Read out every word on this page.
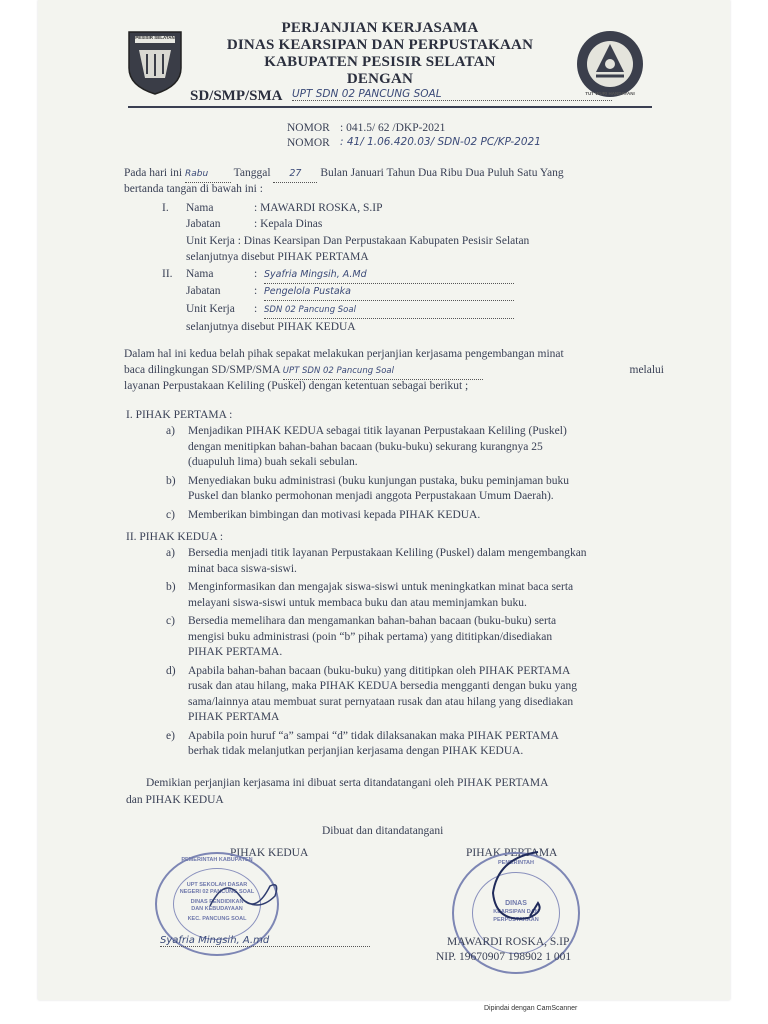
PESISIR SELATAN
TUT WURI HANDAYANI
PERJANJIAN KERJASAMA
DINAS KEARSIPAN DAN PERPUSTAKAAN
KABUPATEN PESISIR SELATAN
DENGAN
SD/SMP/SMA UPT SDN 02 PANCUNG SOAL
NOMOR : 041.5/ 62 /DKP-2021
NOMOR : 41/ 1.06.420.03/ SDN-02 PC/KP-2021
Pada hari ini Rabu Tanggal 27 Bulan Januari Tahun Dua Ribu Dua Puluh Satu Yang
bertanda tangan di bawah ini :
I. Nama	: MAWARDI ROSKA, S.IP
Jabatan	: Kepala Dinas
Unit Kerja : Dinas Kearsipan Dan Perpustakaan Kabupaten Pesisir Selatan
selanjutnya disebut PIHAK PERTAMA
II. Nama	: Syafria Mingsih, A.Md
Jabatan	: Pengelola Pustaka
Unit Kerja : SDN 02 Pancung Soal
selanjutnya disebut PIHAK KEDUA
Dalam hal ini kedua belah pihak sepakat melakukan perjanjian kerjasama pengembangan minat
baca dilingkungan SD/SMP/SMA UPT SDN 02 Pancung Soal	melalui
layanan Perpustakaan Keliling (Puskel) dengan ketentuan sebagai berikut ;
I. PIHAK PERTAMA :
a) Menjadikan PIHAK KEDUA sebagai titik layanan Perpustakaan Keliling (Puskel)
dengan menitipkan bahan-bahan bacaan (buku-buku) sekurang kurangnya 25
(duapuluh lima) buah sekali sebulan.
b) Menyediakan buku administrasi (buku kunjungan pustaka, buku peminjaman buku
Puskel dan blanko permohonan menjadi anggota Perpustakaan Umum Daerah).
c) Memberikan bimbingan dan motivasi kepada PIHAK KEDUA.
II. PIHAK KEDUA :
a) Bersedia menjadi titik layanan Perpustakaan Keliling (Puskel) dalam mengembangkan
minat baca siswa-siswi.
b) Menginformasikan dan mengajak siswa-siswi untuk meningkatkan minat baca serta
melayani siswa-siswi untuk membaca buku dan atau meminjamkan buku.
c) Bersedia memelihara dan mengamankan bahan-bahan bacaan (buku-buku) serta
mengisi buku administrasi (poin “b” pihak pertama) yang dititipkan/disediakan
PIHAK PERTAMA.
d) Apabila bahan-bahan bacaan (buku-buku) yang dititipkan oleh PIHAK PERTAMA
rusak dan atau hilang, maka PIHAK KEDUA bersedia mengganti dengan buku yang
sama/lainnya atau membuat surat pernyataan rusak dan atau hilang yang disediakan
PIHAK PERTAMA
e) Apabila poin huruf “a” sampai “d” tidak dilaksanakan maka PIHAK PERTAMA
berhak tidak melanjutkan perjanjian kerjasama dengan PIHAK KEDUA.
Demikian perjanjian kerjasama ini dibuat serta ditandatangani oleh PIHAK PERTAMA
dan PIHAK KEDUA
Dibuat dan ditandatangani
PIHAK KEDUA	PIHAK PERTAMA
PEMERINTAH KABUPATEN
UPT SEKOLAH DASAR
NEGERI 02 PANCUNG SOAL
DINAS PENDIDIKAN
DAN KEBUDAYAAN
KEC. PANCUNG SOAL
Syafria Mingsih, A.md
PEMERINTAH
DINAS
KEARSIPAN DAN
PERPUSTAKAAN
MAWARDI ROSKA, S.IP
NIP. 19670907 198902 1 001
Dipindai dengan CamScanner
